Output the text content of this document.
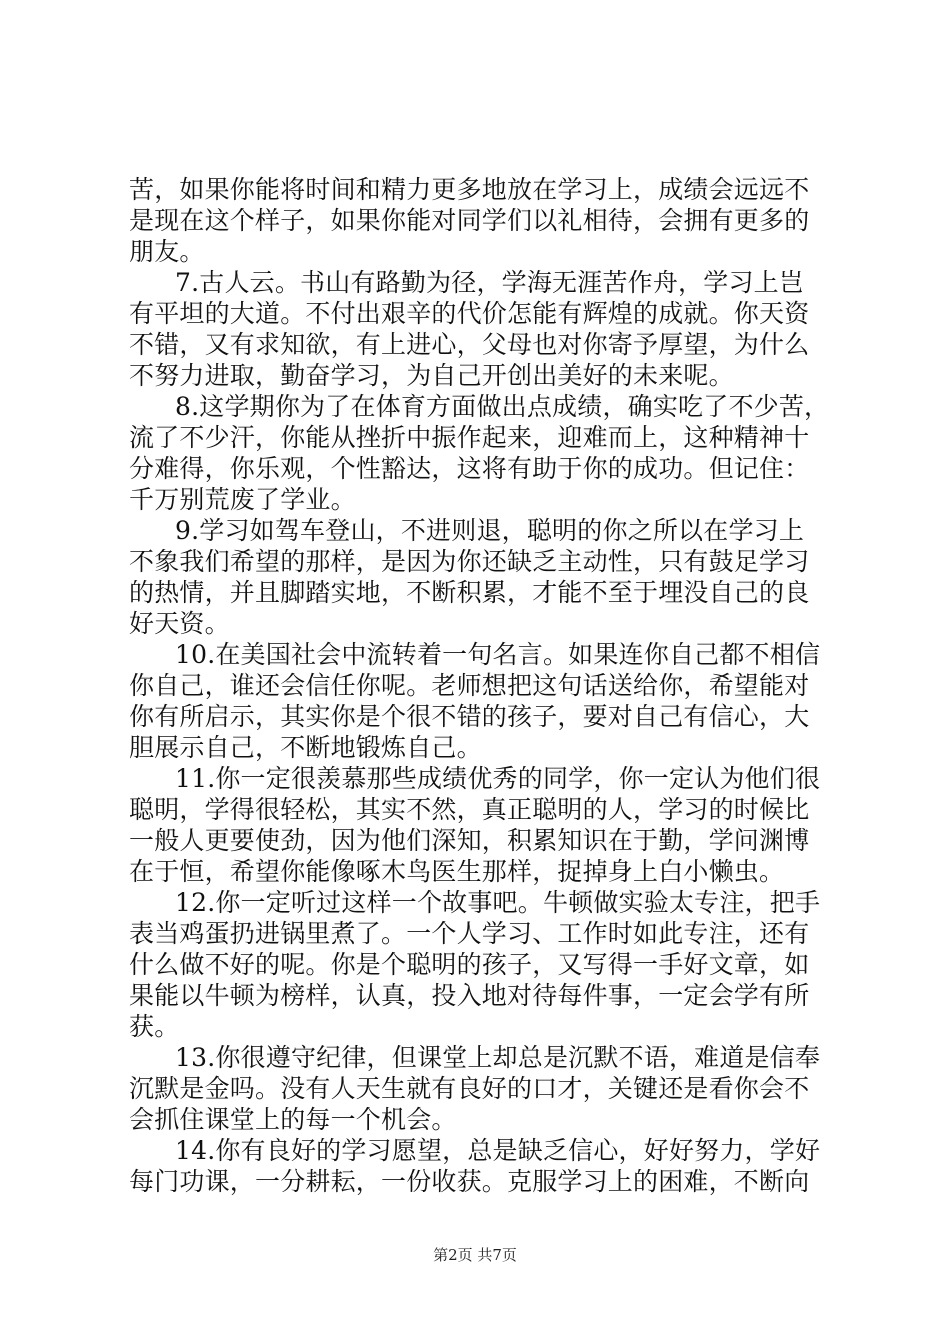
苦，如果你能将时间和精力更多地放在学习上，成绩会远远不
是现在这个样子，如果你能对同学们以礼相待，会拥有更多的
朋友。
7.古人云。书山有路勤为径，学海无涯苦作舟，学习上岂
有平坦的大道。不付出艰辛的代价怎能有辉煌的成就。你天资
不错，又有求知欲，有上进心，父母也对你寄予厚望，为什么
不努力进取，勤奋学习，为自己开创出美好的未来呢。
8.这学期你为了在体育方面做出点成绩，确实吃了不少苦，
流了不少汗，你能从挫折中振作起来，迎难而上，这种精神十
分难得，你乐观，个性豁达，这将有助于你的成功。但记住：
千万别荒废了学业。
9.学习如驾车登山，不进则退，聪明的你之所以在学习上
不象我们希望的那样，是因为你还缺乏主动性，只有鼓足学习
的热情，并且脚踏实地，不断积累，才能不至于埋没自己的良
好天资。
10.在美国社会中流转着一句名言。如果连你自己都不相信
你自己，谁还会信任你呢。老师想把这句话送给你，希望能对
你有所启示，其实你是个很不错的孩子，要对自己有信心，大
胆展示自己，不断地锻炼自己。
11.你一定很羡慕那些成绩优秀的同学，你一定认为他们很
聪明，学得很轻松，其实不然，真正聪明的人，学习的时候比
一般人更要使劲，因为他们深知，积累知识在于勤，学问渊博
在于恒，希望你能像啄木鸟医生那样，捉掉身上白小懒虫。
12.你一定听过这样一个故事吧。牛顿做实验太专注，把手
表当鸡蛋扔进锅里煮了。一个人学习、工作时如此专注，还有
什么做不好的呢。你是个聪明的孩子，又写得一手好文章，如
果能以牛顿为榜样，认真，投入地对待每件事，一定会学有所
获。
13.你很遵守纪律，但课堂上却总是沉默不语，难道是信奉
沉默是金吗。没有人天生就有良好的口才，关键还是看你会不
会抓住课堂上的每一个机会。
14.你有良好的学习愿望，总是缺乏信心，好好努力，学好
每门功课，一分耕耘，一份收获。克服学习上的困难，不断向
第2页 共7页
